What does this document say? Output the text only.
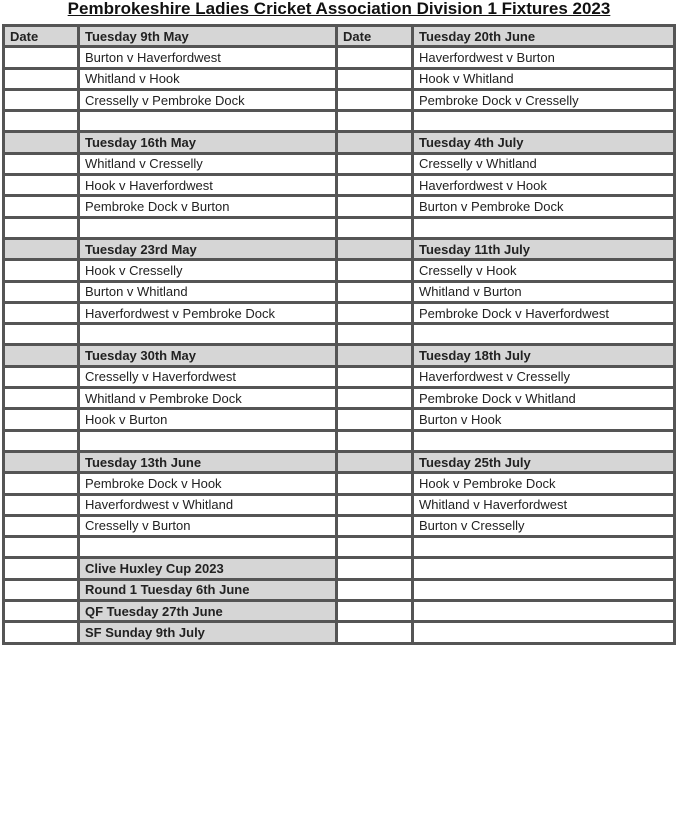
Pembrokeshire Ladies Cricket Association Division 1 Fixtures 2023
Date	Tuesday 9th May	Date	Tuesday 20th June
	Burton v Haverfordwest		Haverfordwest v Burton
	Whitland v Hook		Hook v Whitland
	Cresselly v Pembroke Dock		Pembroke Dock v Cresselly

	Tuesday 16th May		Tuesday 4th July
	Whitland v Cresselly		Cresselly v Whitland
	Hook v Haverfordwest		Haverfordwest v Hook
	Pembroke Dock v Burton		Burton v Pembroke Dock

	Tuesday 23rd May		Tuesday 11th July
	Hook v Cresselly		Cresselly v Hook
	Burton v Whitland		Whitland v Burton
	Haverfordwest v Pembroke Dock		Pembroke Dock v Haverfordwest

	Tuesday 30th May		Tuesday 18th July
	Cresselly v Haverfordwest		Haverfordwest v Cresselly
	Whitland v Pembroke Dock		Pembroke Dock v Whitland
	Hook v Burton		Burton v Hook

	Tuesday 13th June		Tuesday 25th July
	Pembroke Dock v Hook		Hook v Pembroke Dock
	Haverfordwest v Whitland		Whitland v Haverfordwest
	Cresselly v Burton		Burton v Cresselly

	Clive Huxley Cup 2023		
	Round 1 Tuesday 6th June		
	QF Tuesday 27th June		
	SF Sunday 9th July		
